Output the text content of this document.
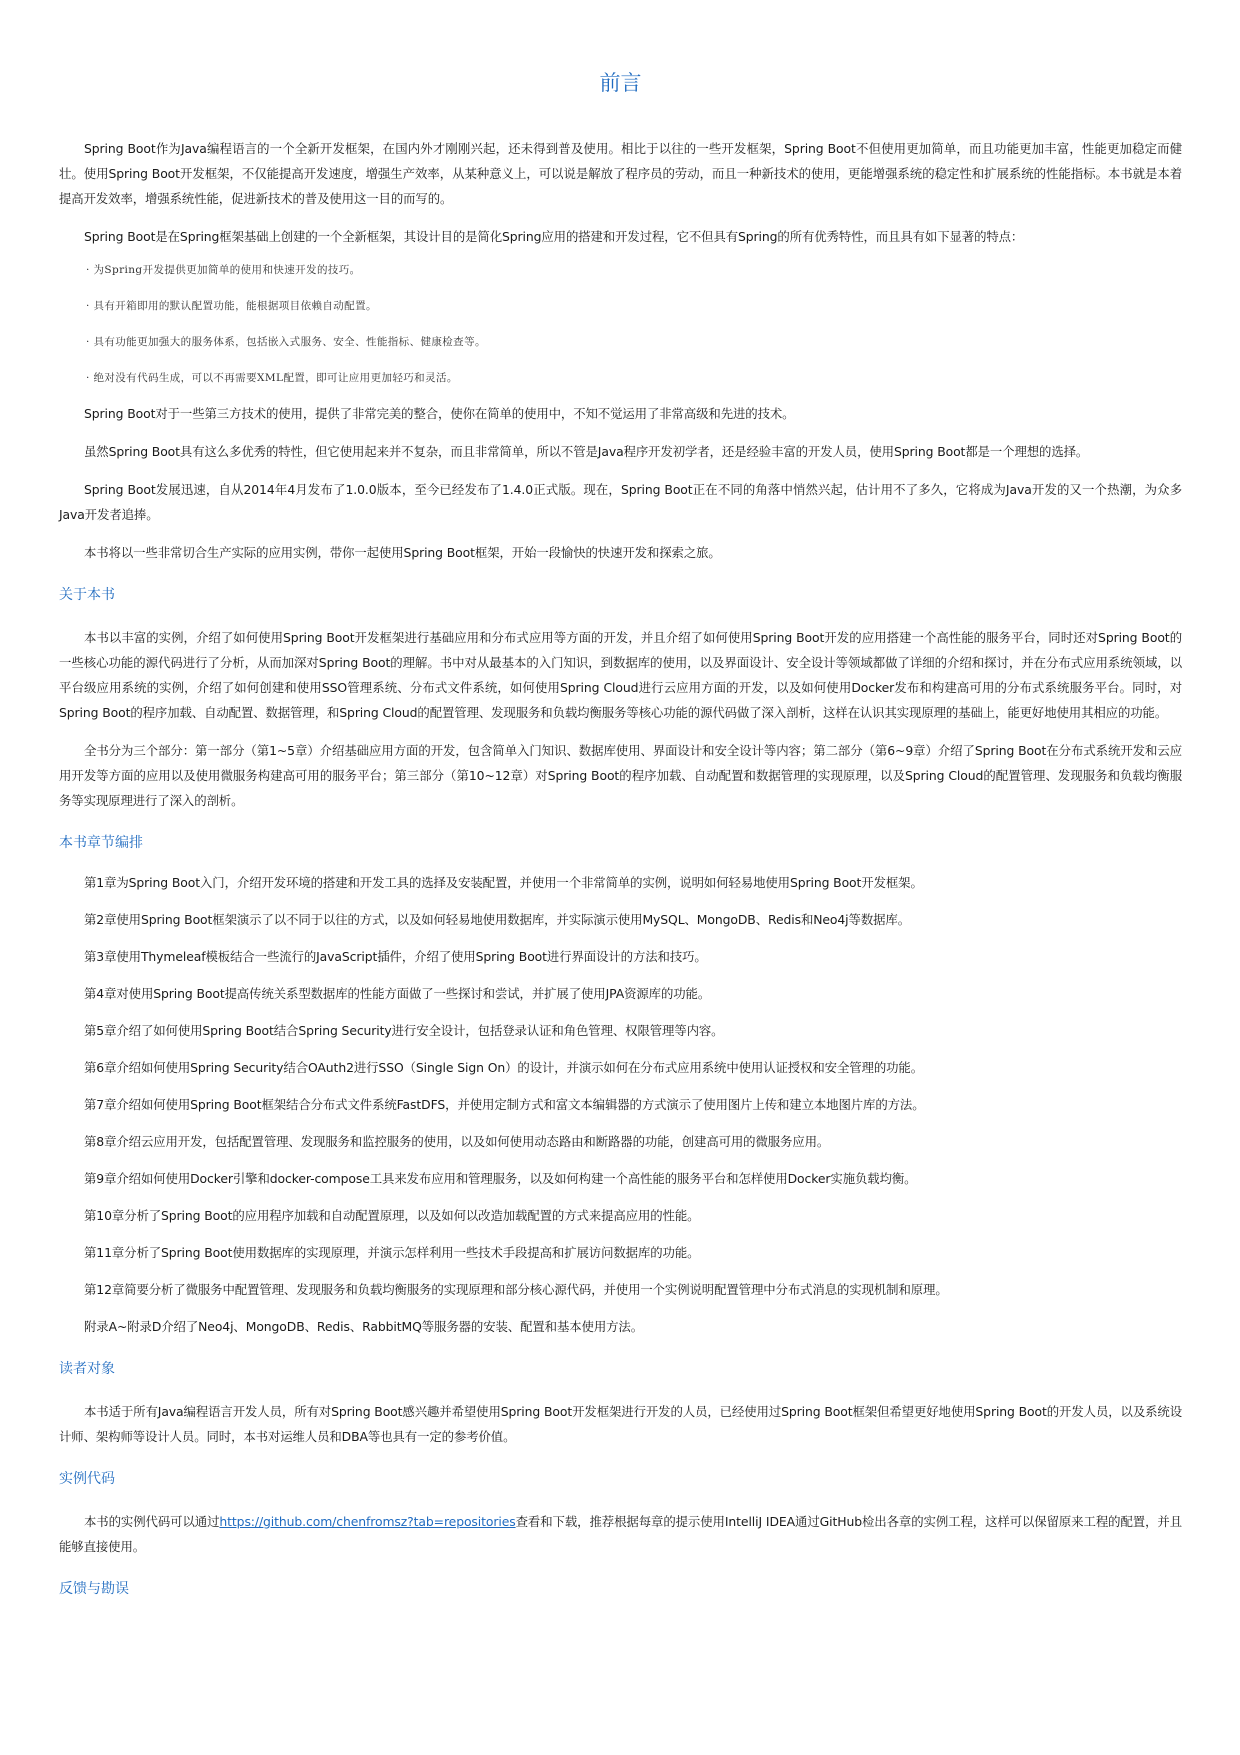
前言

Spring Boot作为Java编程语言的一个全新开发框架，在国内外才刚刚兴起，还未得到普及使用。相比于以往的一些开发框架，Spring Boot不但使用更加简单，而且功能更加丰富，性能更加稳定而健壮。使用Spring Boot开发框架，不仅能提高开发速度，增强生产效率，从某种意义上，可以说是解放了程序员的劳动，而且一种新技术的使用，更能增强系统的稳定性和扩展系统的性能指标。本书就是本着提高开发效率，增强系统性能，促进新技术的普及使用这一目的而写的。

Spring Boot是在Spring框架基础上创建的一个全新框架，其设计目的是简化Spring应用的搭建和开发过程，它不但具有Spring的所有优秀特性，而且具有如下显著的特点：

· 为Spring开发提供更加简单的使用和快速开发的技巧。

· 具有开箱即用的默认配置功能，能根据项目依赖自动配置。

· 具有功能更加强大的服务体系，包括嵌入式服务、安全、性能指标、健康检查等。

· 绝对没有代码生成，可以不再需要XML配置，即可让应用更加轻巧和灵活。

Spring Boot对于一些第三方技术的使用，提供了非常完美的整合，使你在简单的使用中，不知不觉运用了非常高级和先进的技术。

虽然Spring Boot具有这么多优秀的特性，但它使用起来并不复杂，而且非常简单，所以不管是Java程序开发初学者，还是经验丰富的开发人员，使用Spring Boot都是一个理想的选择。

Spring Boot发展迅速，自从2014年4月发布了1.0.0版本，至今已经发布了1.4.0正式版。现在，Spring Boot正在不同的角落中悄然兴起，估计用不了多久，它将成为Java开发的又一个热潮，为众多Java开发者追捧。

本书将以一些非常切合生产实际的应用实例，带你一起使用Spring Boot框架，开始一段愉快的快速开发和探索之旅。

关于本书

本书以丰富的实例，介绍了如何使用Spring Boot开发框架进行基础应用和分布式应用等方面的开发，并且介绍了如何使用Spring Boot开发的应用搭建一个高性能的服务平台，同时还对Spring Boot的一些核心功能的源代码进行了分析，从而加深对Spring Boot的理解。书中对从最基本的入门知识，到数据库的使用，以及界面设计、安全设计等领域都做了详细的介绍和探讨，并在分布式应用系统领域，以平台级应用系统的实例，介绍了如何创建和使用SSO管理系统、分布式文件系统，如何使用Spring Cloud进行云应用方面的开发，以及如何使用Docker发布和构建高可用的分布式系统服务平台。同时，对Spring Boot的程序加载、自动配置、数据管理，和Spring Cloud的配置管理、发现服务和负载均衡服务等核心功能的源代码做了深入剖析，这样在认识其实现原理的基础上，能更好地使用其相应的功能。

全书分为三个部分：第一部分（第1~5章）介绍基础应用方面的开发，包含简单入门知识、数据库使用、界面设计和安全设计等内容；第二部分（第6~9章）介绍了Spring Boot在分布式系统开发和云应用开发等方面的应用以及使用微服务构建高可用的服务平台；第三部分（第10~12章）对Spring Boot的程序加载、自动配置和数据管理的实现原理，以及Spring Cloud的配置管理、发现服务和负载均衡服务等实现原理进行了深入的剖析。

本书章节编排

第1章为Spring Boot入门，介绍开发环境的搭建和开发工具的选择及安装配置，并使用一个非常简单的实例，说明如何轻易地使用Spring Boot开发框架。

第2章使用Spring Boot框架演示了以不同于以往的方式，以及如何轻易地使用数据库，并实际演示使用MySQL、MongoDB、Redis和Neo4j等数据库。

第3章使用Thymeleaf模板结合一些流行的JavaScript插件，介绍了使用Spring Boot进行界面设计的方法和技巧。

第4章对使用Spring Boot提高传统关系型数据库的性能方面做了一些探讨和尝试，并扩展了使用JPA资源库的功能。

第5章介绍了如何使用Spring Boot结合Spring Security进行安全设计，包括登录认证和角色管理、权限管理等内容。

第6章介绍如何使用Spring Security结合OAuth2进行SSO（Single Sign On）的设计，并演示如何在分布式应用系统中使用认证授权和安全管理的功能。

第7章介绍如何使用Spring Boot框架结合分布式文件系统FastDFS，并使用定制方式和富文本编辑器的方式演示了使用图片上传和建立本地图片库的方法。

第8章介绍云应用开发，包括配置管理、发现服务和监控服务的使用，以及如何使用动态路由和断路器的功能，创建高可用的微服务应用。

第9章介绍如何使用Docker引擎和docker-compose工具来发布应用和管理服务，以及如何构建一个高性能的服务平台和怎样使用Docker实施负载均衡。

第10章分析了Spring Boot的应用程序加载和自动配置原理，以及如何以改造加载配置的方式来提高应用的性能。

第11章分析了Spring Boot使用数据库的实现原理，并演示怎样利用一些技术手段提高和扩展访问数据库的功能。

第12章简要分析了微服务中配置管理、发现服务和负载均衡服务的实现原理和部分核心源代码，并使用一个实例说明配置管理中分布式消息的实现机制和原理。

附录A~附录D介绍了Neo4j、MongoDB、Redis、RabbitMQ等服务器的安装、配置和基本使用方法。

读者对象

本书适于所有Java编程语言开发人员，所有对Spring Boot感兴趣并希望使用Spring Boot开发框架进行开发的人员，已经使用过Spring Boot框架但希望更好地使用Spring Boot的开发人员，以及系统设计师、架构师等设计人员。同时，本书对运维人员和DBA等也具有一定的参考价值。

实例代码

本书的实例代码可以通过https://github.com/chenfromsz?tab=repositories查看和下载，推荐根据每章的提示使用IntelliJ IDEA通过GitHub检出各章的实例工程，这样可以保留原来工程的配置，并且能够直接使用。

反馈与勘误
